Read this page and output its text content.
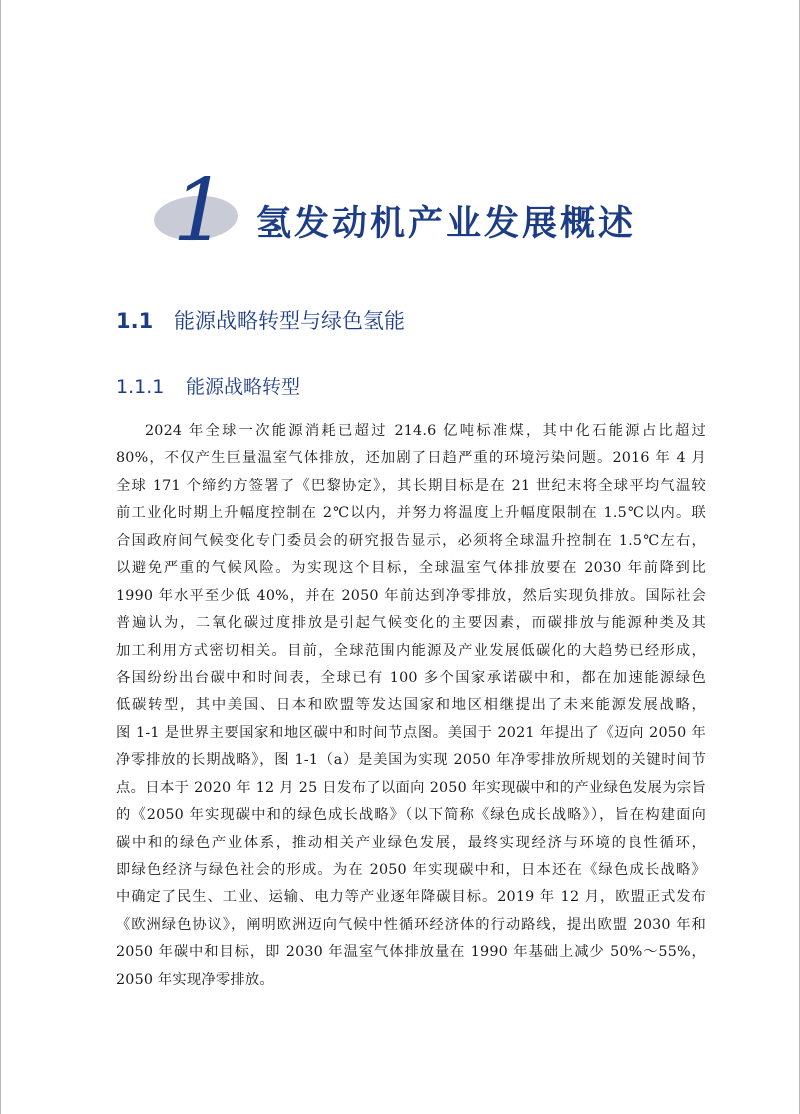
1 氢发动机产业发展概述
1.1 能源战略转型与绿色氢能
1.1.1 能源战略转型
2024 年全球一次能源消耗已超过 214.6 亿吨标准煤，其中化石能源占比超过
80%，不仅产生巨量温室气体排放，还加剧了日趋严重的环境污染问题。2016 年 4 月
全球 171 个缔约方签署了《巴黎协定》，其长期目标是在 21 世纪末将全球平均气温较
前工业化时期上升幅度控制在 2℃以内，并努力将温度上升幅度限制在 1.5℃以内。联
合国政府间气候变化专门委员会的研究报告显示，必须将全球温升控制在 1.5℃左右，
以避免严重的气候风险。为实现这个目标，全球温室气体排放要在 2030 年前降到比
1990 年水平至少低 40%，并在 2050 年前达到净零排放，然后实现负排放。国际社会
普遍认为，二氧化碳过度排放是引起气候变化的主要因素，而碳排放与能源种类及其
加工利用方式密切相关。目前，全球范围内能源及产业发展低碳化的大趋势已经形成，
各国纷纷出台碳中和时间表，全球已有 100 多个国家承诺碳中和，都在加速能源绿色
低碳转型，其中美国、日本和欧盟等发达国家和地区相继提出了未来能源发展战略，
图 1-1 是世界主要国家和地区碳中和时间节点图。美国于 2021 年提出了《迈向 2050 年
净零排放的长期战略》，图 1-1（a）是美国为实现 2050 年净零排放所规划的关键时间节
点。日本于 2020 年 12 月 25 日发布了以面向 2050 年实现碳中和的产业绿色发展为宗旨
的《2050 年实现碳中和的绿色成长战略》（以下简称《绿色成长战略》），旨在构建面向
碳中和的绿色产业体系，推动相关产业绿色发展，最终实现经济与环境的良性循环，
即绿色经济与绿色社会的形成。为在 2050 年实现碳中和，日本还在《绿色成长战略》
中确定了民生、工业、运输、电力等产业逐年降碳目标。2019 年 12 月，欧盟正式发布
《欧洲绿色协议》，阐明欧洲迈向气候中性循环经济体的行动路线，提出欧盟 2030 年和
2050 年碳中和目标，即 2030 年温室气体排放量在 1990 年基础上减少 50%～55%，
2050 年实现净零排放。
